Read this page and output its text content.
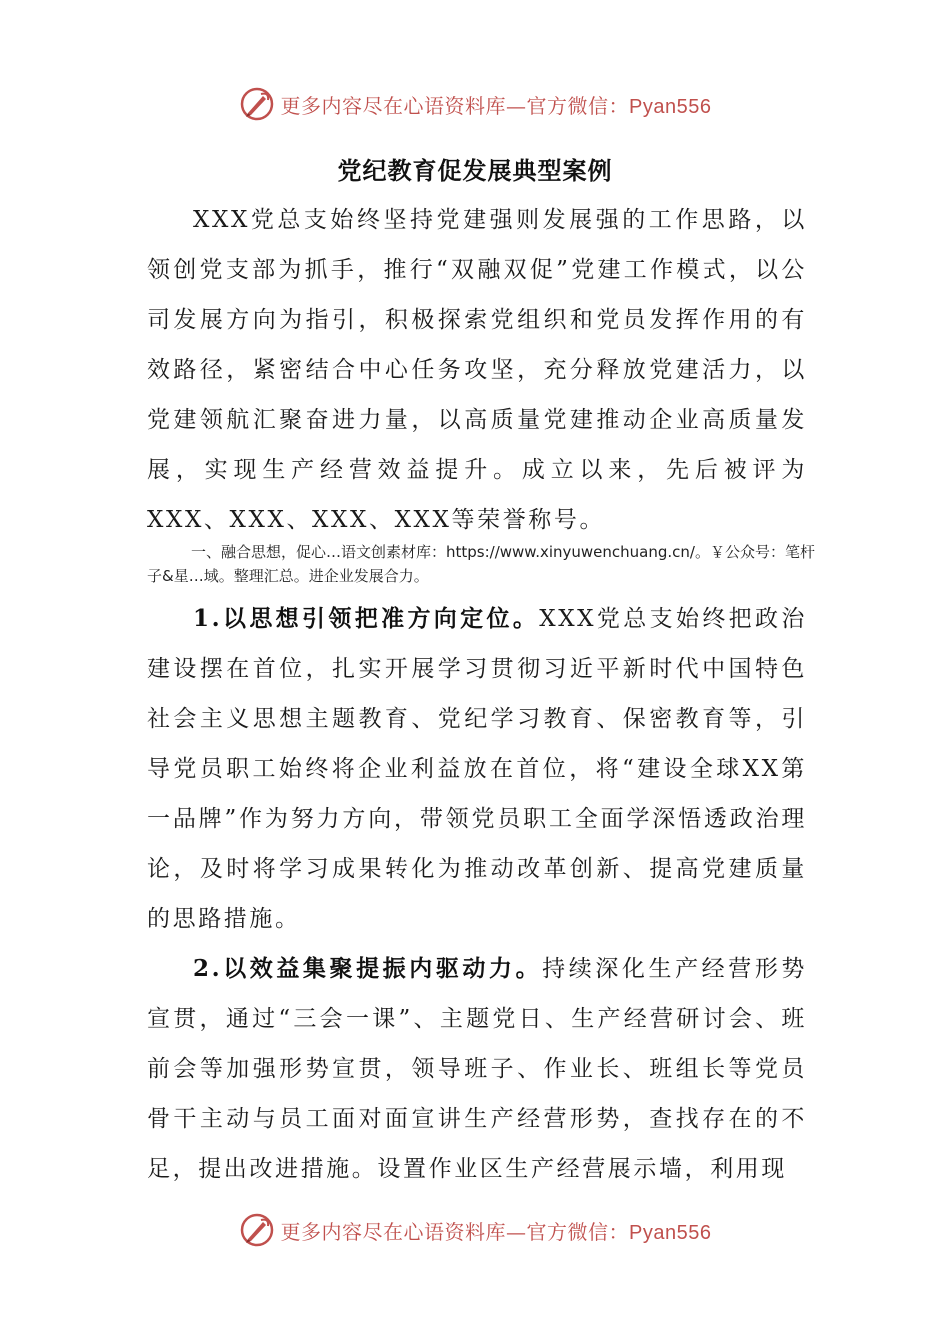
更多内容尽在心语资料库—官方微信：Pyan556
党纪教育促发展典型案例
XXX党总支始终坚持党建强则发展强的工作思路，以领创党支部为抓手，推行“双融双促”党建工作模式，以公司发展方向为指引，积极探索党组织和党员发挥作用的有效路径，紧密结合中心任务攻坚，充分释放党建活力，以党建领航汇聚奋进力量，以高质量党建推动企业高质量发展，实现生产经营效益提升。成立以来，先后被评为XXX、XXX、XXX、XXX等荣誉称号。
一、融合思想，促心…语文创素材库：https://www.xinyuwenchuang.cn/。￥公众号：笔杆子&星…域。整理汇总。进企业发展合力。
1.以思想引领把准方向定位。XXX党总支始终把政治建设摆在首位，扎实开展学习贯彻习近平新时代中国特色社会主义思想主题教育、党纪学习教育、保密教育等，引导党员职工始终将企业利益放在首位，将“建设全球XX第一品牌”作为努力方向，带领党员职工全面学深悟透政治理论，及时将学习成果转化为推动改革创新、提高党建质量的思路措施。
2.以效益集聚提振内驱动力。持续深化生产经营形势宣贯，通过“三会一课”、主题党日、生产经营研讨会、班前会等加强形势宣贯，领导班子、作业长、班组长等党员骨干主动与员工面对面宣讲生产经营形势，查找存在的不足，提出改进措施。设置作业区生产经营展示墙，利用现
更多内容尽在心语资料库—官方微信：Pyan556
